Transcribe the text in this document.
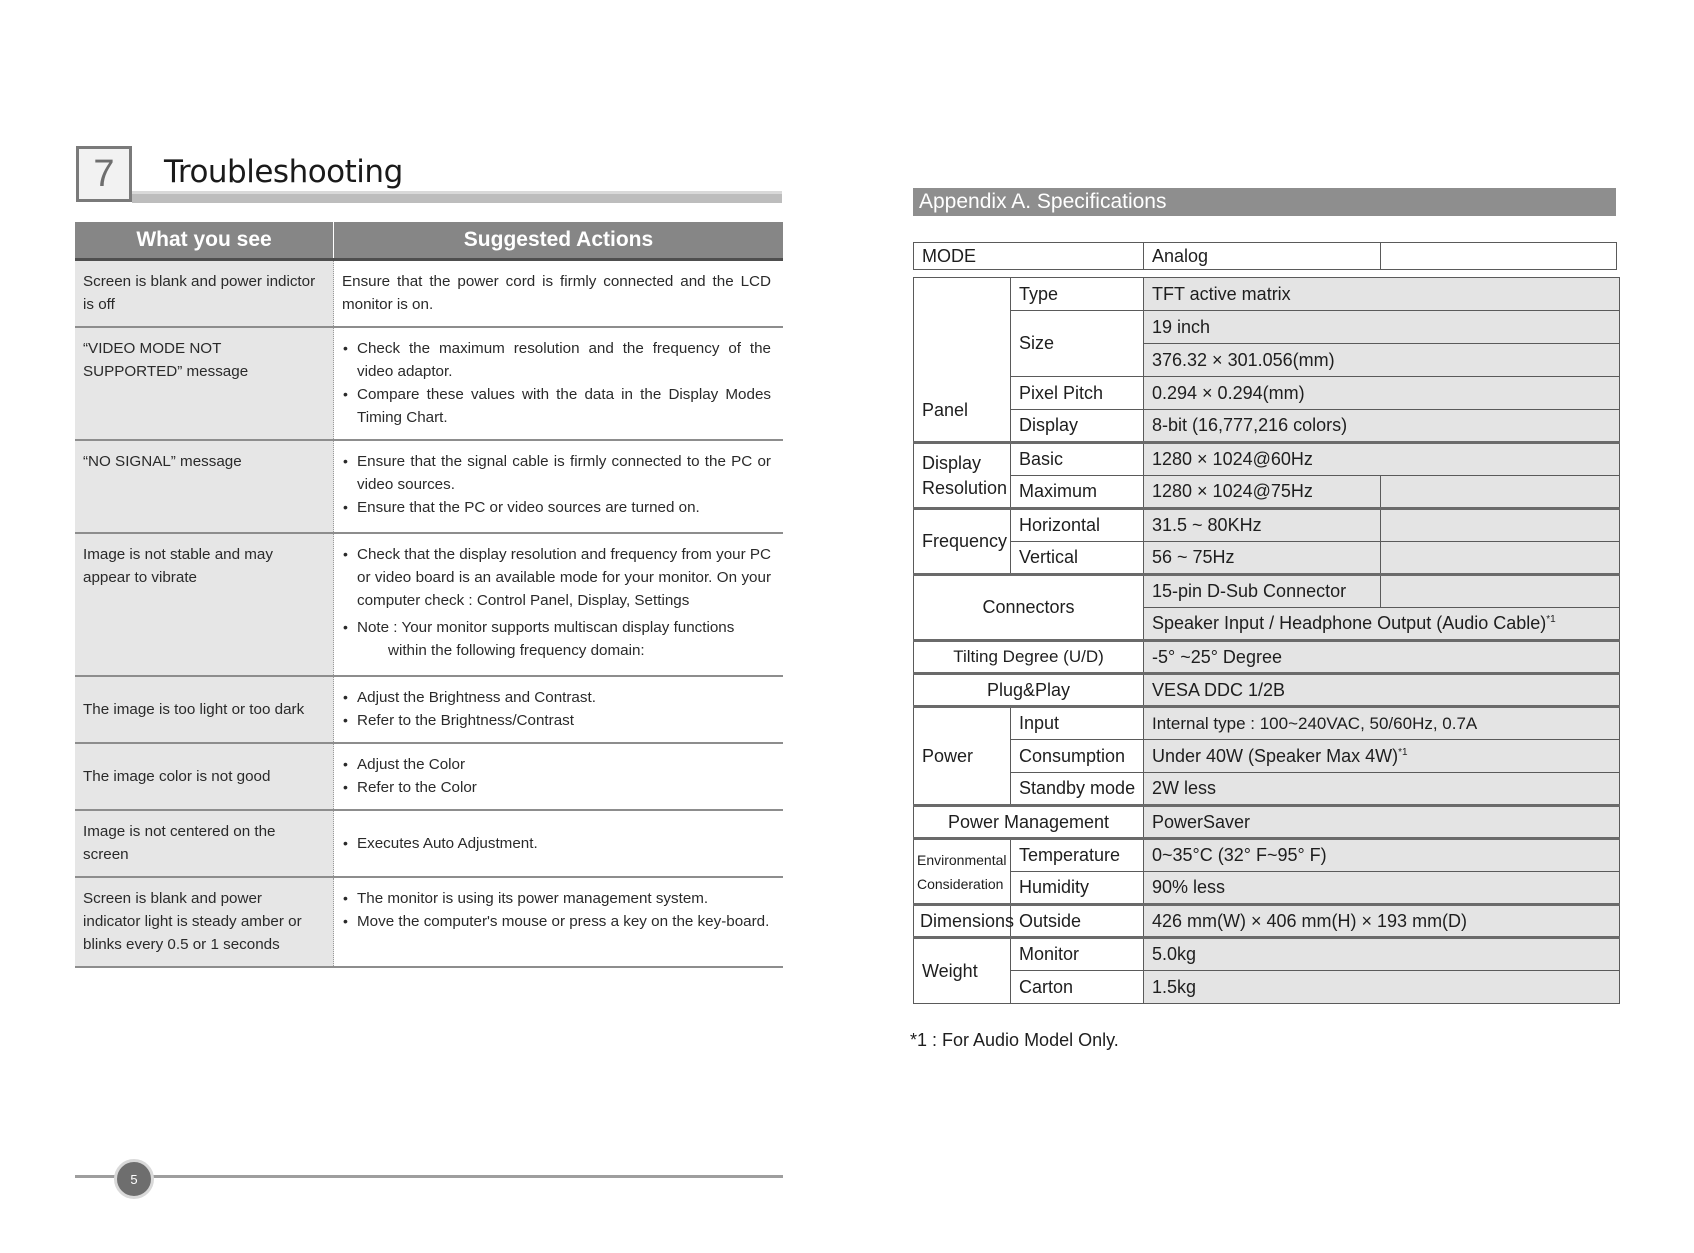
7 Troubleshooting
What you see	Suggested Actions
Screen is blank and power indictor is off	Ensure that the power cord is firmly connected and the LCD monitor is on.

“VIDEO MODE NOT SUPPORTED” message	• Check the maximum resolution and the frequency of the video adaptor.
• Compare these values with the data in the Display Modes Timing Chart.

“NO SIGNAL” message	• Ensure that the signal cable is firmly connected to the PC or video sources.
• Ensure that the PC or video sources are turned on.

Image is not stable and may appear to vibrate	• Check that the display resolution and frequency from your PC or video board is an available mode for your monitor. On your computer check : Control Panel, Display, Settings
• Note : Your monitor supports multiscan display functions
within the following frequency domain:

The image is too light or too dark	• Adjust the Brightness and Contrast.
• Refer to the Brightness/Contrast

The image color is not good	• Adjust the Color
• Refer to the Color

Image is not centered on the screen	• Executes Auto Adjustment.

Screen is blank and power indicator light is steady amber or blinks every 0.5 or 1 seconds	• The monitor is using its power management system.
• Move the computer's mouse or press a key on the key-board.
5
Appendix A. Specifications
MODE	Analog	
Panel	Type	TFT active matrix	
	Size	19 inch	
		376.32 × 301.056(mm)	
	Pixel Pitch	0.294 × 0.294(mm)	
	Display	8-bit (16,777,216 colors)	

Display
Resolution	Basic	1280 × 1024@60Hz	
	Maximum	1280 × 1024@75Hz	
Frequency	Horizontal	31.5 ~ 80KHz	
	Vertical	56 ~ 75Hz	
Connectors		15-pin D-Sub Connector	
		Speaker Input / Headphone Output (Audio Cable)$^{*1}$
Tilting Degree (U/D)		-5° ~25° Degree	
Plug&Play		VESA DDC 1/2B	
Power	Input	Internal type : 100~240VAC, 50/60Hz, 0.7A	
	Consumption	Under 40W (Speaker Max 4W)$^{*1}$
	Standby mode	2W less	
Power Management		PowerSaver	

Environmental
Consideration	Temperature	0~35°C (32° F~95° F)	
	Humidity	90% less	
Dimensions	Outside	426 mm(W) × 406 mm(H) × 193 mm(D)	
Weight	Monitor	5.0kg	
	Carton	1.5kg	
*1 : For Audio Model Only.
